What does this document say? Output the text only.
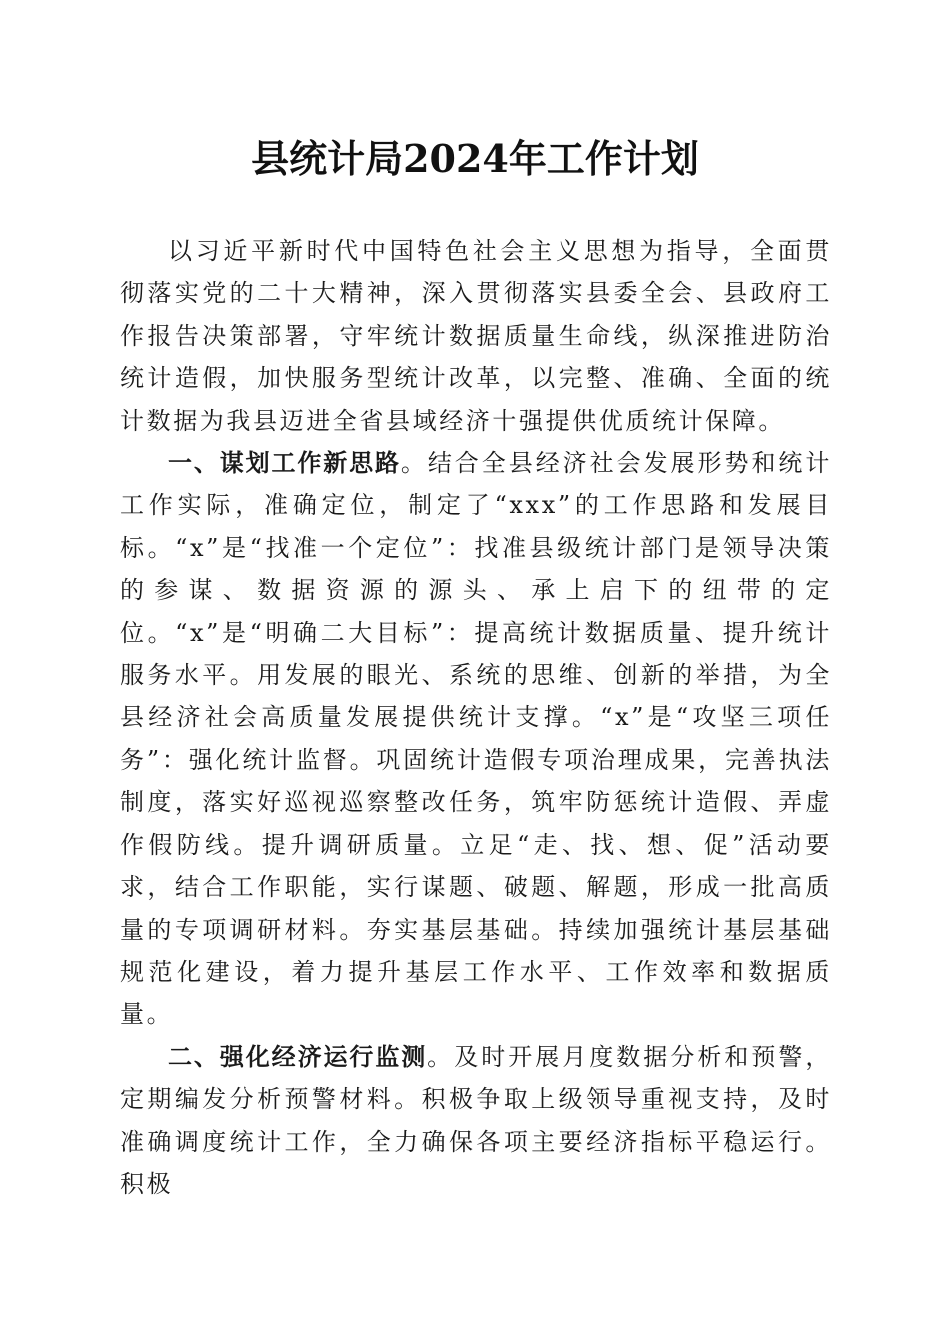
县统计局2024年工作计划

以习近平新时代中国特色社会主义思想为指导，全面贯彻落实党的二十大精神，深入贯彻落实县委全会、县政府工作报告决策部署，守牢统计数据质量生命线，纵深推进防治统计造假，加快服务型统计改革，以完整、准确、全面的统计数据为我县迈进全省县域经济十强提供优质统计保障。

一、谋划工作新思路。结合全县经济社会发展形势和统计工作实际，准确定位，制定了“xxx”的工作思路和发展目标。“x”是“找准一个定位”：找准县级统计部门是领导决策的参谋、数据资源的源头、承上启下的纽带的定位。“x”是“明确二大目标”：提高统计数据质量、提升统计服务水平。用发展的眼光、系统的思维、创新的举措，为全县经济社会高质量发展提供统计支撑。“x”是“攻坚三项任务”：强化统计监督。巩固统计造假专项治理成果，完善执法制度，落实好巡视巡察整改任务，筑牢防惩统计造假、弄虚作假防线。提升调研质量。立足“走、找、想、促”活动要求，结合工作职能，实行谋题、破题、解题，形成一批高质量的专项调研材料。夯实基层基础。持续加强统计基层基础规范化建设，着力提升基层工作水平、工作效率和数据质量。

二、强化经济运行监测。及时开展月度数据分析和预警，定期编发分析预警材料。积极争取上级领导重视支持，及时准确调度统计工作，全力确保各项主要经济指标平稳运行。积极
